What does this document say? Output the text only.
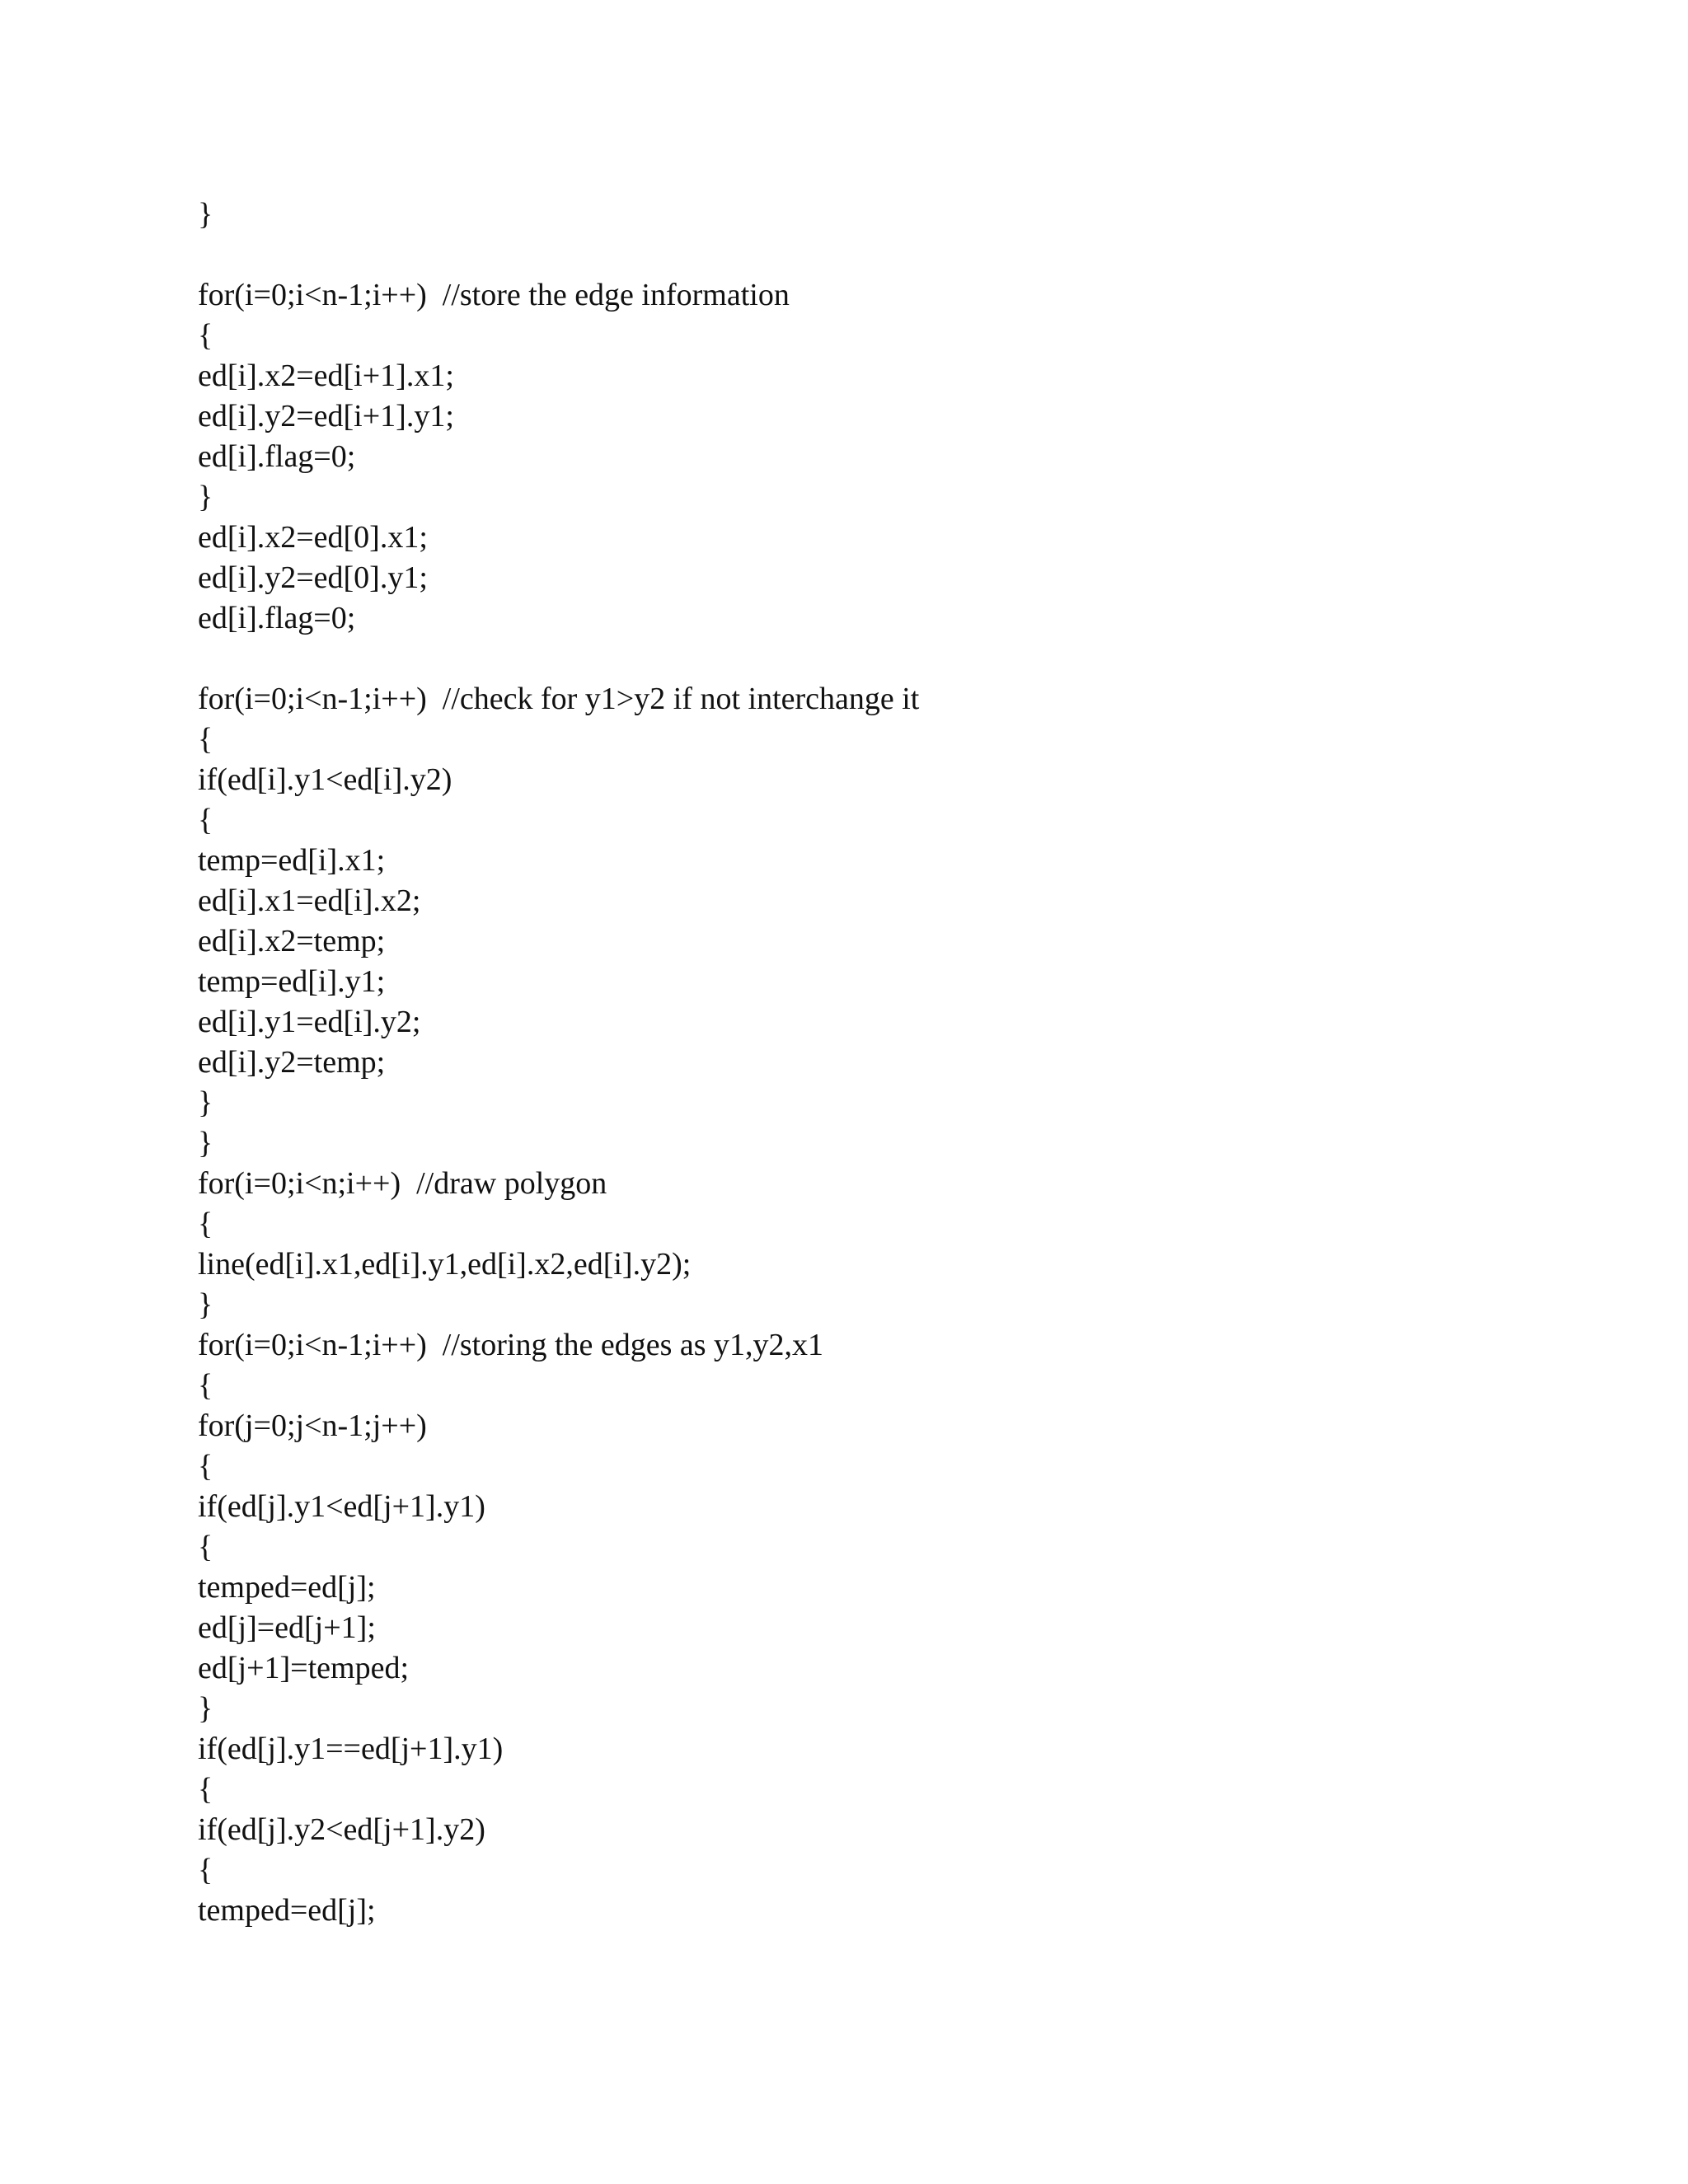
}
for(i=0;i<n-1;i++)  //store the edge information
{
ed[i].x2=ed[i+1].x1;
ed[i].y2=ed[i+1].y1;
ed[i].flag=0;
}
ed[i].x2=ed[0].x1;
ed[i].y2=ed[0].y1;
ed[i].flag=0;
for(i=0;i<n-1;i++)  //check for y1>y2 if not interchange it
{
if(ed[i].y1<ed[i].y2)
{
temp=ed[i].x1;
ed[i].x1=ed[i].x2;
ed[i].x2=temp;
temp=ed[i].y1;
ed[i].y1=ed[i].y2;
ed[i].y2=temp;
}
}
for(i=0;i<n;i++)  //draw polygon
{
line(ed[i].x1,ed[i].y1,ed[i].x2,ed[i].y2);
}
for(i=0;i<n-1;i++)  //storing the edges as y1,y2,x1
{
for(j=0;j<n-1;j++)
{
if(ed[j].y1<ed[j+1].y1)
{
temped=ed[j];
ed[j]=ed[j+1];
ed[j+1]=temped;
}
if(ed[j].y1==ed[j+1].y1)
{
if(ed[j].y2<ed[j+1].y2)
{
temped=ed[j];
